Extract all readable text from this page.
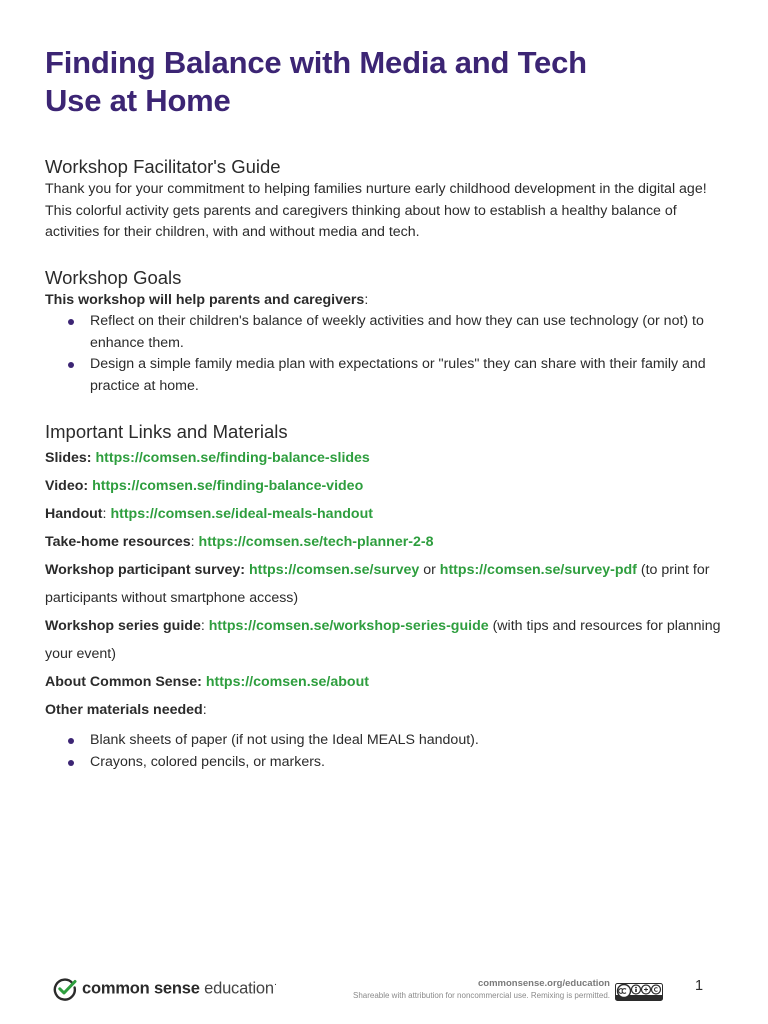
Finding Balance with Media and Tech
Use at Home
Workshop Facilitator's Guide

Thank you for your commitment to helping families nurture early childhood development in the digital age! This colorful activity gets parents and caregivers thinking about how to establish a healthy balance of activities for their children, with and without media and tech.

Workshop Goals

This workshop will help parents and caregivers:

Reflect on their children's balance of weekly activities and how they can use technology (or not) to enhance them.
Design a simple family media plan with expectations or "rules" they can share with their family and practice at home.
Important Links and Materials

Slides: https://comsen.se/finding-balance-slides

Video: https://comsen.se/finding-balance-video

Handout: https://comsen.se/ideal-meals-handout

Take-home resources: https://comsen.se/tech-planner-2-8

Workshop participant survey: https://comsen.se/survey or https://comsen.se/survey-pdf (to print for participants without smartphone access)

Workshop series guide: https://comsen.se/workshop-series-guide (with tips and resources for planning your event)

About Common Sense: https://comsen.se/about

Other materials needed:

Blank sheets of paper (if not using the Ideal MEALS handout).
Crayons, colored pencils, or markers.
common sense education·	commonsense.org/education
Shareable with attribution for noncommercial use. Remixing is permitted.
1
